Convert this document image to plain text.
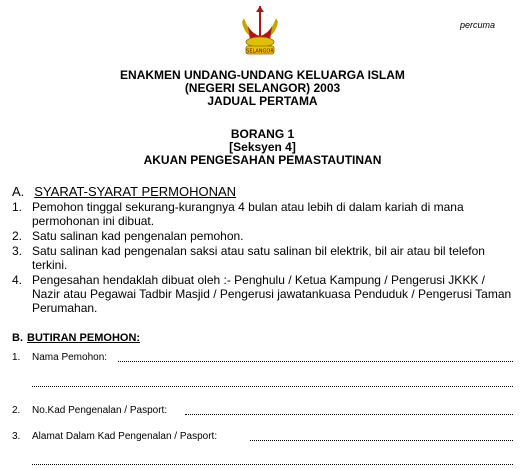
SELANGOR
percuma
ENAKMEN UNDANG-UNDANG KELUARGA ISLAM
(NEGERI SELANGOR) 2003
JADUAL PERTAMA
BORANG 1
[Seksyen 4]
AKUAN PENGESAHAN PEMASTAUTINAN
A. SYARAT-SYARAT PERMOHONAN
1. Pemohon tinggal sekurang-kurangnya 4 bulan atau lebih di dalam kariah di mana permohonan ini dibuat.
2. Satu salinan kad pengenalan pemohon.
3. Satu salinan kad pengenalan saksi atau satu salinan bil elektrik, bil air atau bil telefon terkini.
4. Pengesahan hendaklah dibuat oleh :- Penghulu / Ketua Kampung / Pengerusi JKKK / Nazir atau Pegawai Tadbir Masjid / Pengerusi jawatankuasa Penduduk / Pengerusi Taman Perumahan.
B. BUTIRAN PEMOHON:
1. Nama Pemohon:
2. No.Kad Pengenalan / Pasport:
3. Alamat Dalam Kad Pengenalan / Pasport:
